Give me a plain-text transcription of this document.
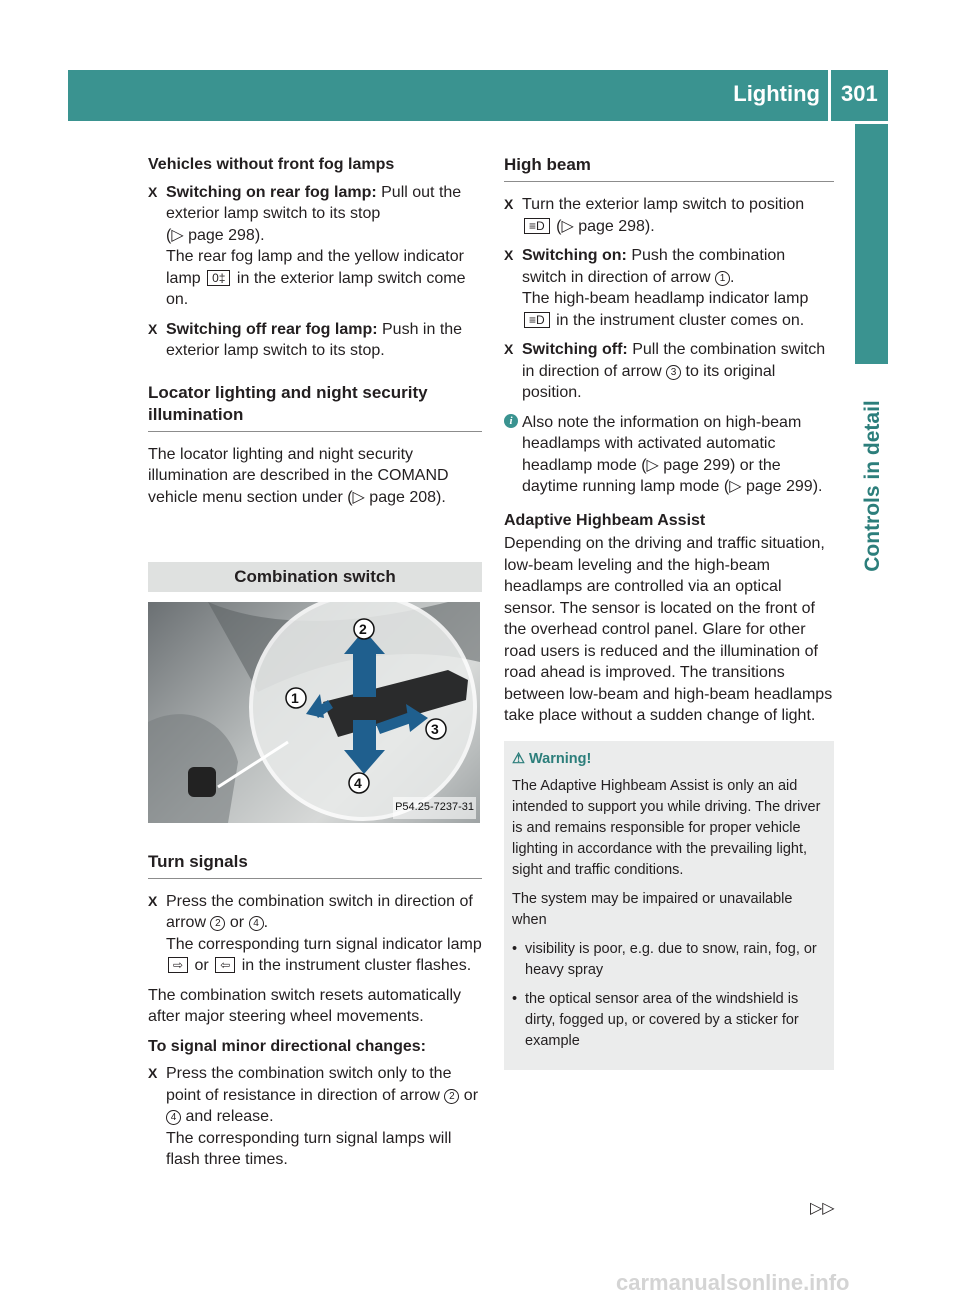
Lighting 301
Controls in detail
Vehicles without front fog lamps
X Switching on rear fog lamp: Pull out the exterior lamp switch to its stop
(▷ page 298).
The rear fog lamp and the yellow indicator lamp 0‡ in the exterior lamp switch come on.
X Switching off rear fog lamp: Push in the exterior lamp switch to its stop.
Locator lighting and night security illumination

The locator lighting and night security illumination are described in the COMAND vehicle menu section under (▷ page 208).

Combination switch
2
1
3
4
P54.25-7237-31
Turn signals
X Press the combination switch in direction of arrow 2 or 4 .
The corresponding turn signal indicator lamp ⇨ or ⇦ in the instrument cluster flashes.

The combination switch resets automatically after major steering wheel movements.

To signal minor directional changes:
X Press the combination switch only to the point of resistance in direction of arrow 2 or 4 and release.
The corresponding turn signal lamps will flash three times.
High beam
X Turn the exterior lamp switch to position ≡D (▷ page 298).
X Switching on: Push the combination switch in direction of arrow 1 .
The high-beam headlamp indicator lamp
≡D in the instrument cluster comes on.
X Switching off: Pull the combination switch in direction of arrow 3 to its original position.
i Also note the information on high-beam headlamps with activated automatic headlamp mode (▷ page 299) or the daytime running lamp mode (▷ page 299).
Adaptive Highbeam Assist

Depending on the driving and traffic situation, low-beam leveling and the high-beam headlamps are controlled via an optical sensor. The sensor is located on the front of the overhead control panel. Glare for other road users is reduced and the illumination of road ahead is improved. The transitions between low-beam and high-beam headlamps take place without a sudden change of light.

⚠ Warning!

The Adaptive Highbeam Assist is only an aid intended to support you while driving. The driver is and remains responsible for proper vehicle lighting in accordance with the prevailing light, sight and traffic conditions.

The system may be impaired or unavailable when

• visibility is poor, e.g. due to snow, rain, fog, or heavy spray
• the optical sensor area of the windshield is dirty, fogged up, or covered by a sticker for example
▷▷
carmanualsonline.info
